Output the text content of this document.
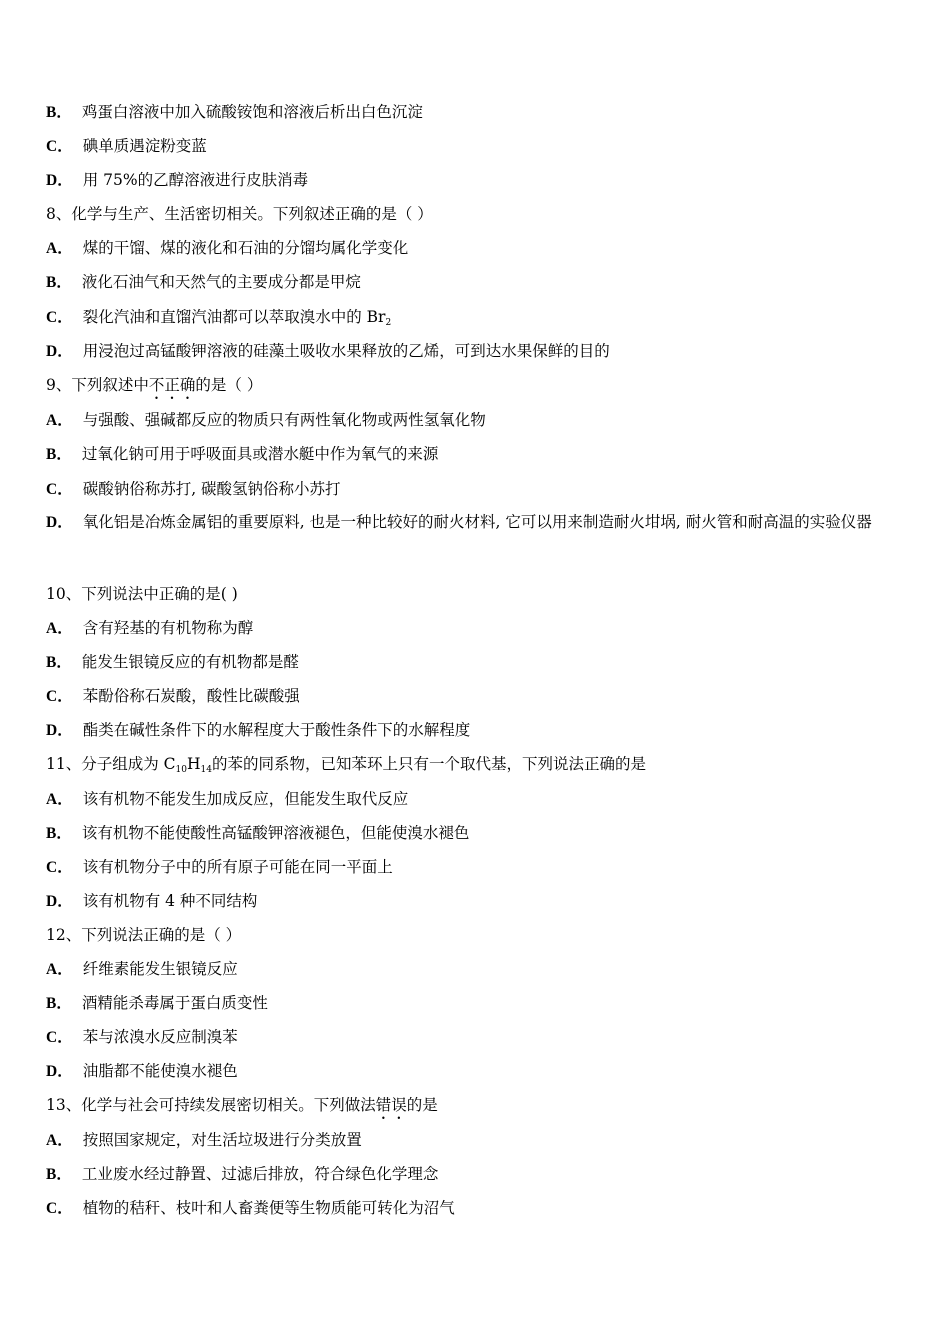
B． 鸡蛋白溶液中加入硫酸铵饱和溶液后析出白色沉淀
C． 碘单质遇淀粉变蓝
D． 用 75%的乙醇溶液进行皮肤消毒
8、化学与生产、生活密切相关。下列叙述正确的是（ ）
A． 煤的干馏、煤的液化和石油的分馏均属化学变化
B． 液化石油气和天然气的主要成分都是甲烷
C． 裂化汽油和直馏汽油都可以萃取溴水中的 $Br_2$
D． 用浸泡过高锰酸钾溶液的硅藻土吸收水果释放的乙烯，可到达水果保鲜的目的
9、下列叙述中不正确的是（ ）
A． 与强酸、强碱都反应的物质只有两性氧化物或两性氢氧化物
B． 过氧化钠可用于呼吸面具或潜水艇中作为氧气的来源
C． 碳酸钠俗称苏打, 碳酸氢钠俗称小苏打
D． 氧化铝是冶炼金属铝的重要原料, 也是一种比较好的耐火材料, 它可以用来制造耐火坩埚, 耐火管和耐高温的实验仪器
10、下列说法中正确的是( )
A． 含有羟基的有机物称为醇
B． 能发生银镜反应的有机物都是醛
C． 苯酚俗称石炭酸，酸性比碳酸强
D． 酯类在碱性条件下的水解程度大于酸性条件下的水解程度
11、分子组成为 $C_{10}H_{14}$的苯的同系物，已知苯环上只有一个取代基，下列说法正确的是
A． 该有机物不能发生加成反应，但能发生取代反应
B． 该有机物不能使酸性高锰酸钾溶液褪色，但能使溴水褪色
C． 该有机物分子中的所有原子可能在同一平面上
D． 该有机物有 4 种不同结构
12、下列说法正确的是（ ）
A． 纤维素能发生银镜反应
B． 酒精能杀毒属于蛋白质变性
C． 苯与浓溴水反应制溴苯
D． 油脂都不能使溴水褪色
13、化学与社会可持续发展密切相关。下列做法错误的是
A． 按照国家规定，对生活垃圾进行分类放置
B． 工业废水经过静置、过滤后排放，符合绿色化学理念
C． 植物的秸秆、枝叶和人畜粪便等生物质能可转化为沼气
